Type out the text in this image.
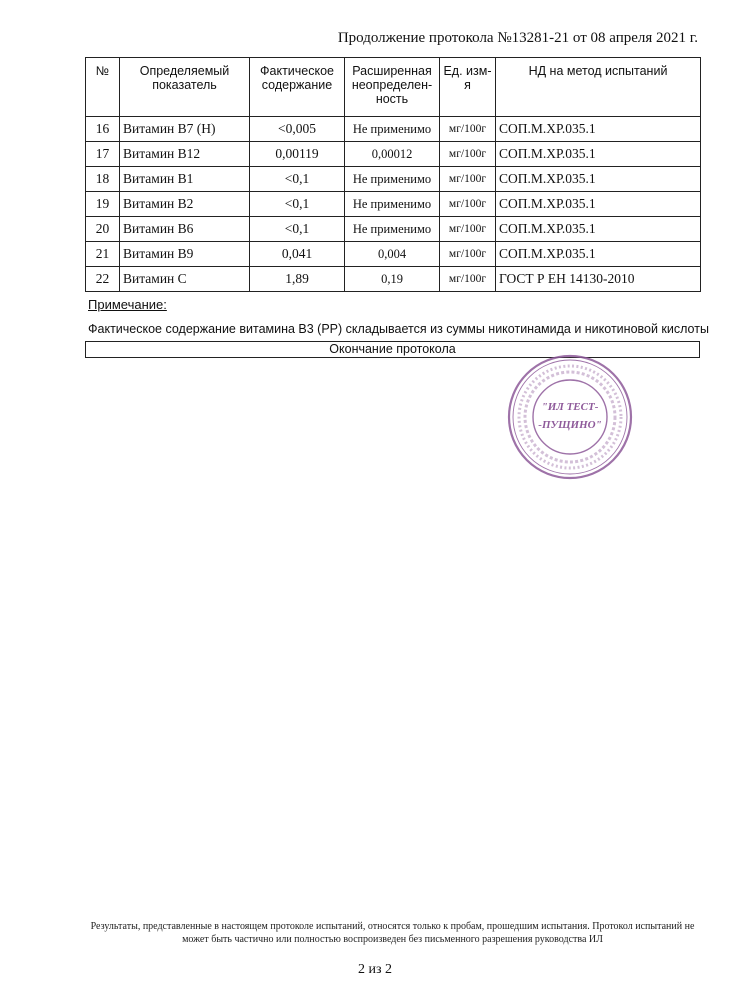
Продолжение протокола №13281-21 от 08 апреля 2021 г.
№	Определяемый показатель	Фактическое содержание	Расширенная неопределен-ность	Ед. изм-я	НД на метод испытаний
16	Витамин B7 (H)	<0,005	Не применимо	мг/100г	СОП.М.ХР.035.1
17	Витамин B12	0,00119	0,00012	мг/100г	СОП.М.ХР.035.1
18	Витамин B1	<0,1	Не применимо	мг/100г	СОП.М.ХР.035.1
19	Витамин B2	<0,1	Не применимо	мг/100г	СОП.М.ХР.035.1
20	Витамин B6	<0,1	Не применимо	мг/100г	СОП.М.ХР.035.1
21	Витамин B9	0,041	0,004	мг/100г	СОП.М.ХР.035.1
22	Витамин C	1,89	0,19	мг/100г	ГОСТ Р ЕН 14130-2010
Примечание:
Фактическое содержание витамина B3 (PP) складывается из суммы никотинамида и никотиновой кислоты
Окончание протокола
"ИЛ ТЕСТ-
-ПУЩИНО"
Результаты, представленные в настоящем протоколе испытаний, относятся только к пробам, прошедшим испытания. Протокол испытаний не может быть частично или полностью воспроизведен без письменного разрешения руководства ИЛ
2 из 2
